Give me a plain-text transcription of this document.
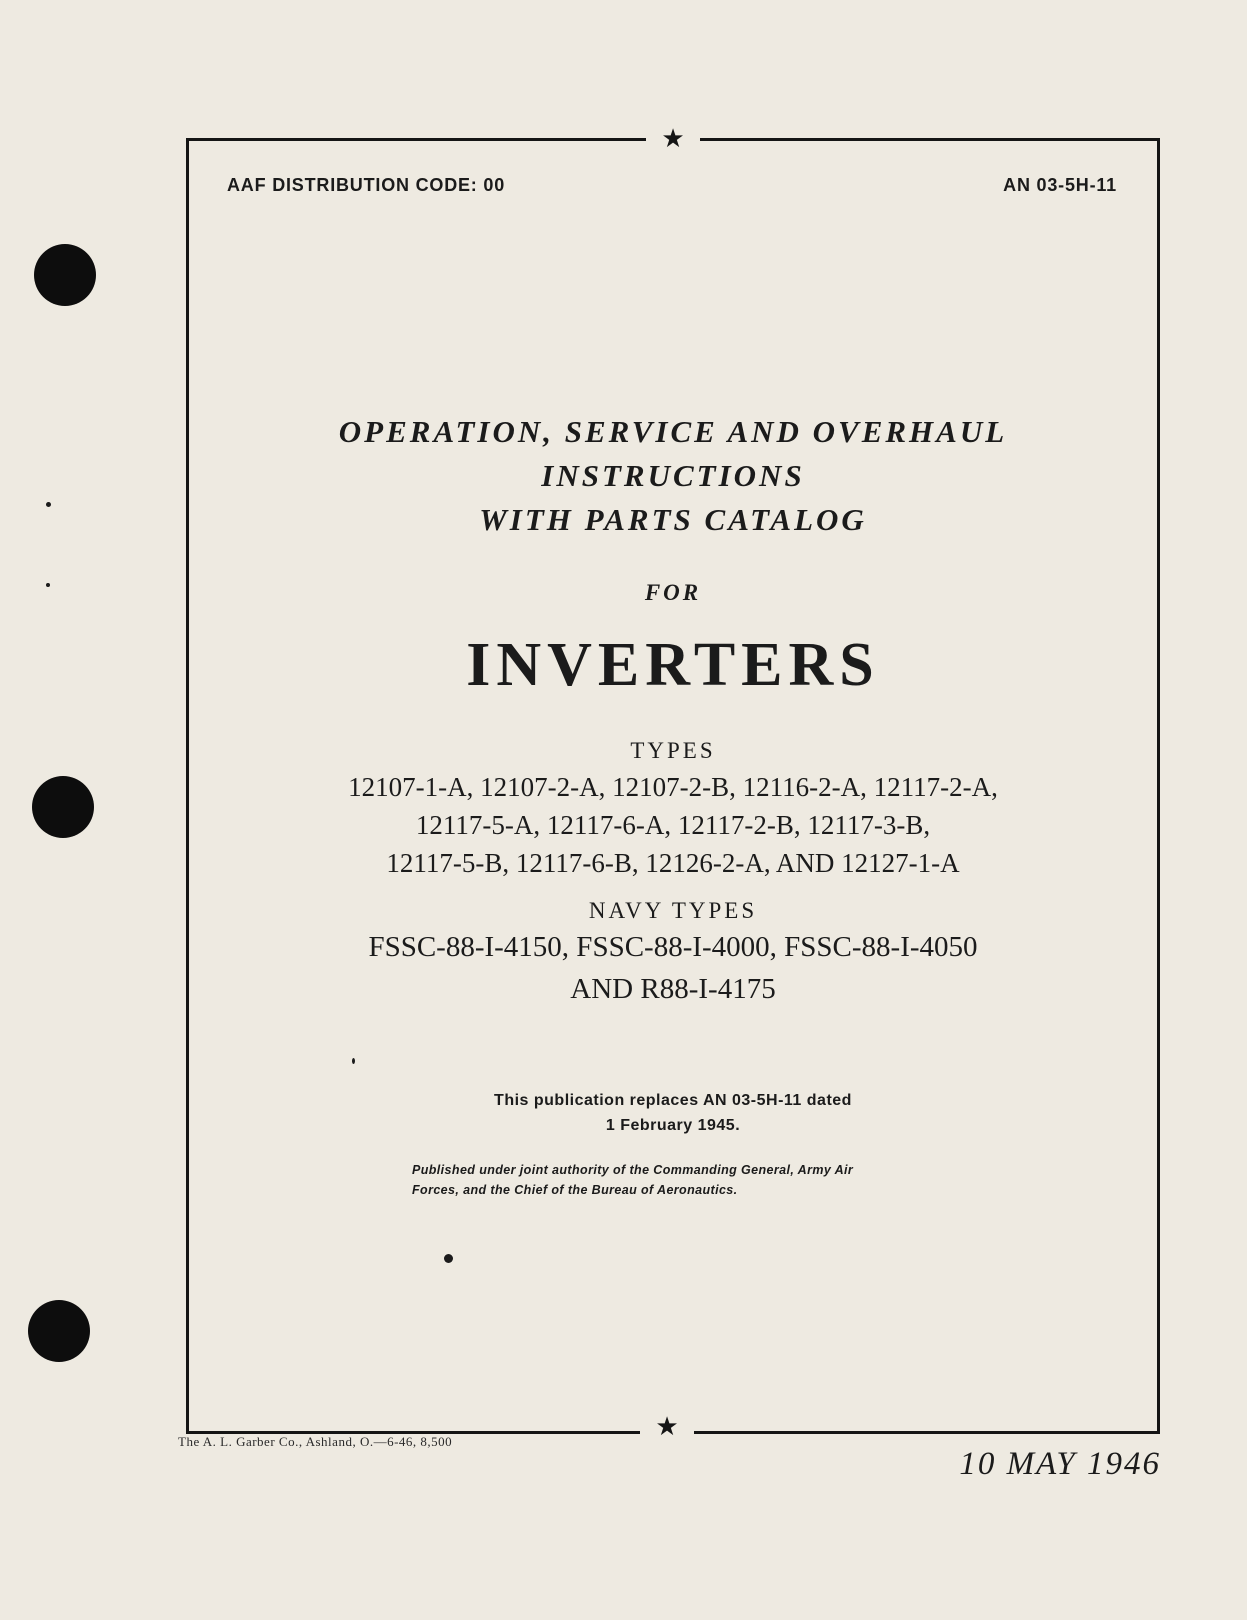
★
★
AAF DISTRIBUTION CODE: 00	AN 03-5H-11
OPERATION, SERVICE AND OVERHAUL
INSTRUCTIONS
WITH PARTS CATALOG
FOR
INVERTERS
TYPES
12107-1-A, 12107-2-A, 12107-2-B, 12116-2-A, 12117-2-A,
12117-5-A, 12117-6-A, 12117-2-B, 12117-3-B,
12117-5-B, 12117-6-B, 12126-2-A, AND 12127-1-A
NAVY TYPES
FSSC-88-I-4150, FSSC-88-I-4000, FSSC-88-I-4050
AND R88-I-4175
This publication replaces AN 03-5H-11 dated
1 February 1945.
Published under joint authority of the Commanding General, Army Air
Forces, and the Chief of the Bureau of Aeronautics.
The A. L. Garber Co., Ashland, O.—6-46, 8,500
10 MAY 1946
